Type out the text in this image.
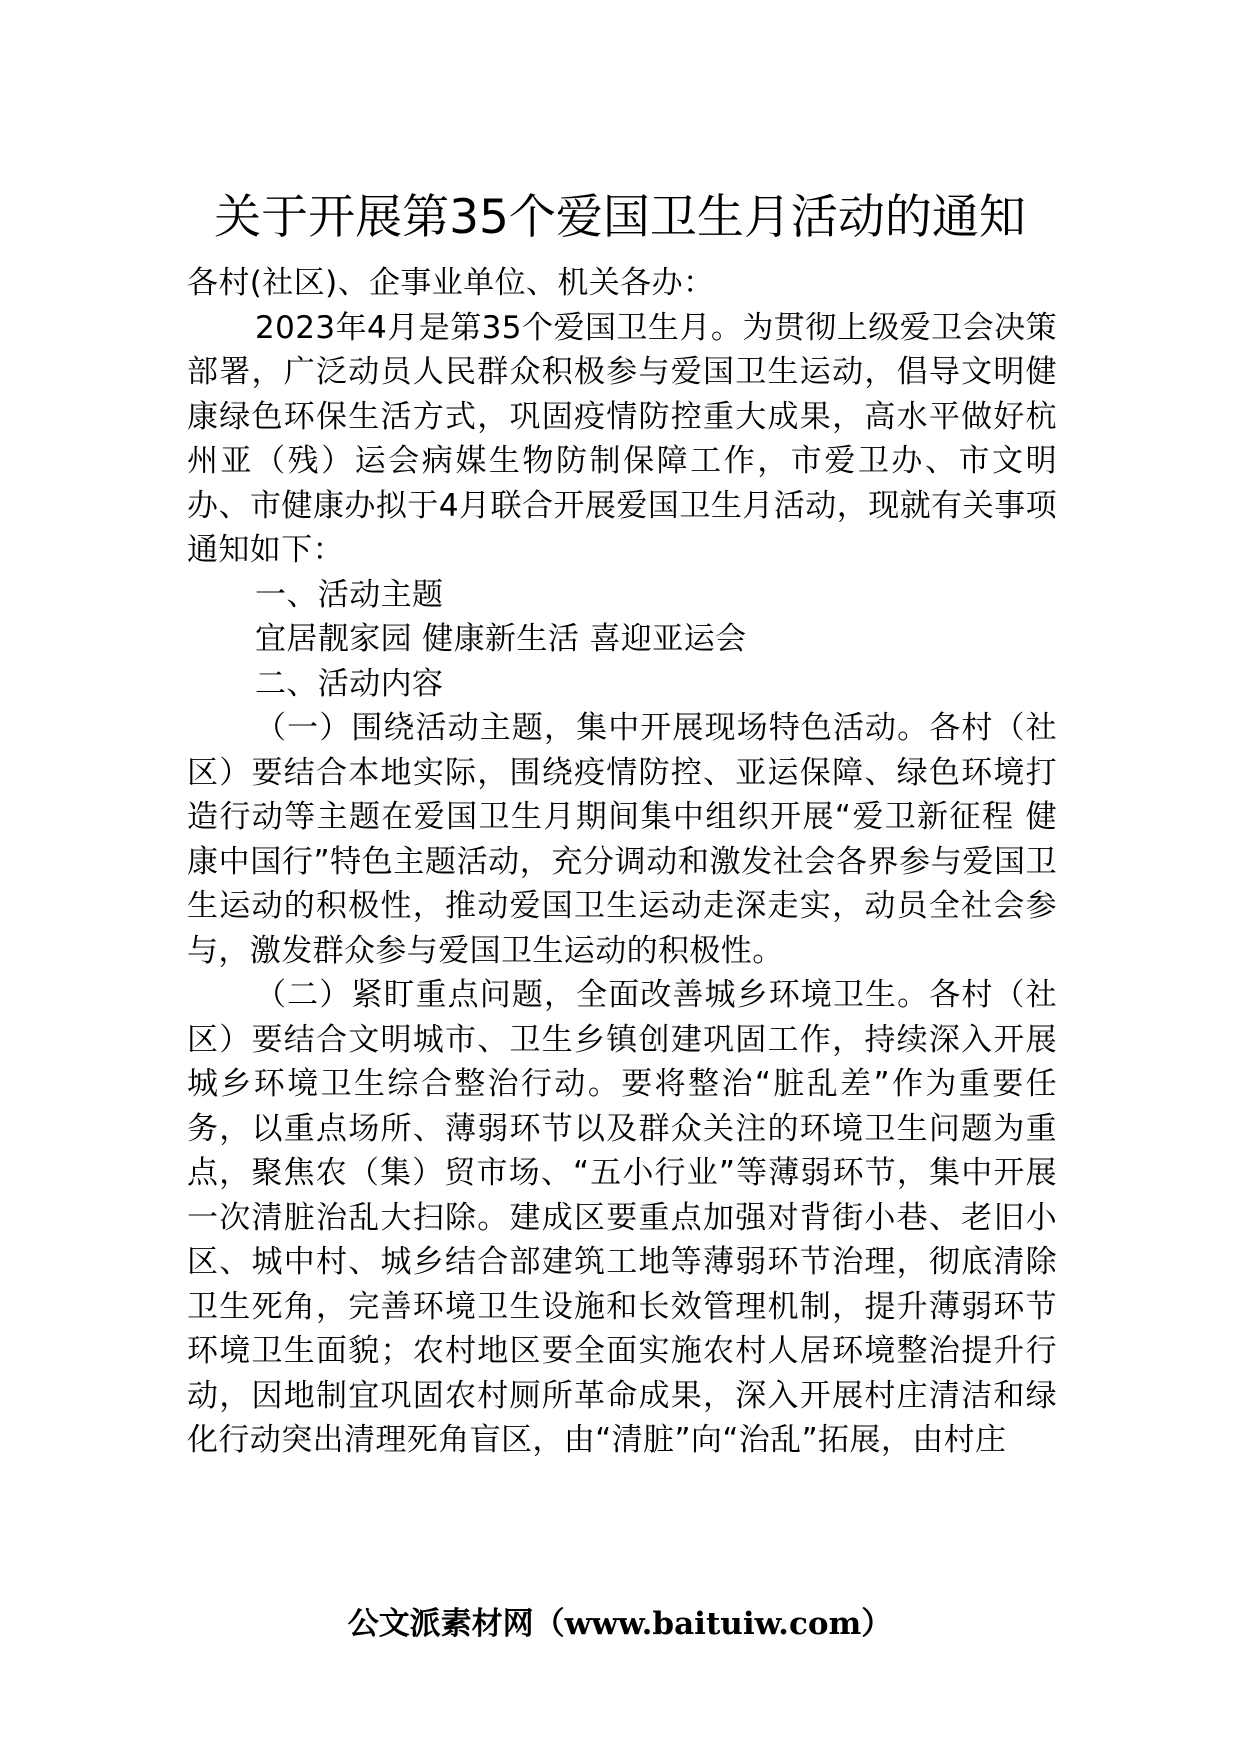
关于开展第35个爱国卫生月活动的通知

各村(社区)、企事业单位、机关各办：

2023年4月是第35个爱国卫生月。为贯彻上级爱卫会决策部署，广泛动员人民群众积极参与爱国卫生运动，倡导文明健康绿色环保生活方式，巩固疫情防控重大成果，高水平做好杭州亚（残）运会病媒生物防制保障工作，市爱卫办、市文明办、市健康办拟于4月联合开展爱国卫生月活动，现就有关事项通知如下：

一、活动主题

宜居靓家园 健康新生活 喜迎亚运会

二、活动内容

（一）围绕活动主题，集中开展现场特色活动。各村（社区）要结合本地实际，围绕疫情防控、亚运保障、绿色环境打造行动等主题在爱国卫生月期间集中组织开展“爱卫新征程 健康中国行”特色主题活动，充分调动和激发社会各界参与爱国卫生运动的积极性，推动爱国卫生运动走深走实，动员全社会参与，激发群众参与爱国卫生运动的积极性。

（二）紧盯重点问题，全面改善城乡环境卫生。各村（社区）要结合文明城市、卫生乡镇创建巩固工作，持续深入开展城乡环境卫生综合整治行动。要将整治“脏乱差”作为重要任务，以重点场所、薄弱环节以及群众关注的环境卫生问题为重点，聚焦农（集）贸市场、“五小行业”等薄弱环节，集中开展一次清脏治乱大扫除。建成区要重点加强对背街小巷、老旧小区、城中村、城乡结合部建筑工地等薄弱环节治理，彻底清除卫生死角，完善环境卫生设施和长效管理机制，提升薄弱环节环境卫生面貌；农村地区要全面实施农村人居环境整治提升行动，因地制宜巩固农村厕所革命成果，深入开展村庄清洁和绿化行动突出清理死角盲区，由“清脏”向“治乱”拓展，由村庄

公文派素材网（www.baituiw.com）
